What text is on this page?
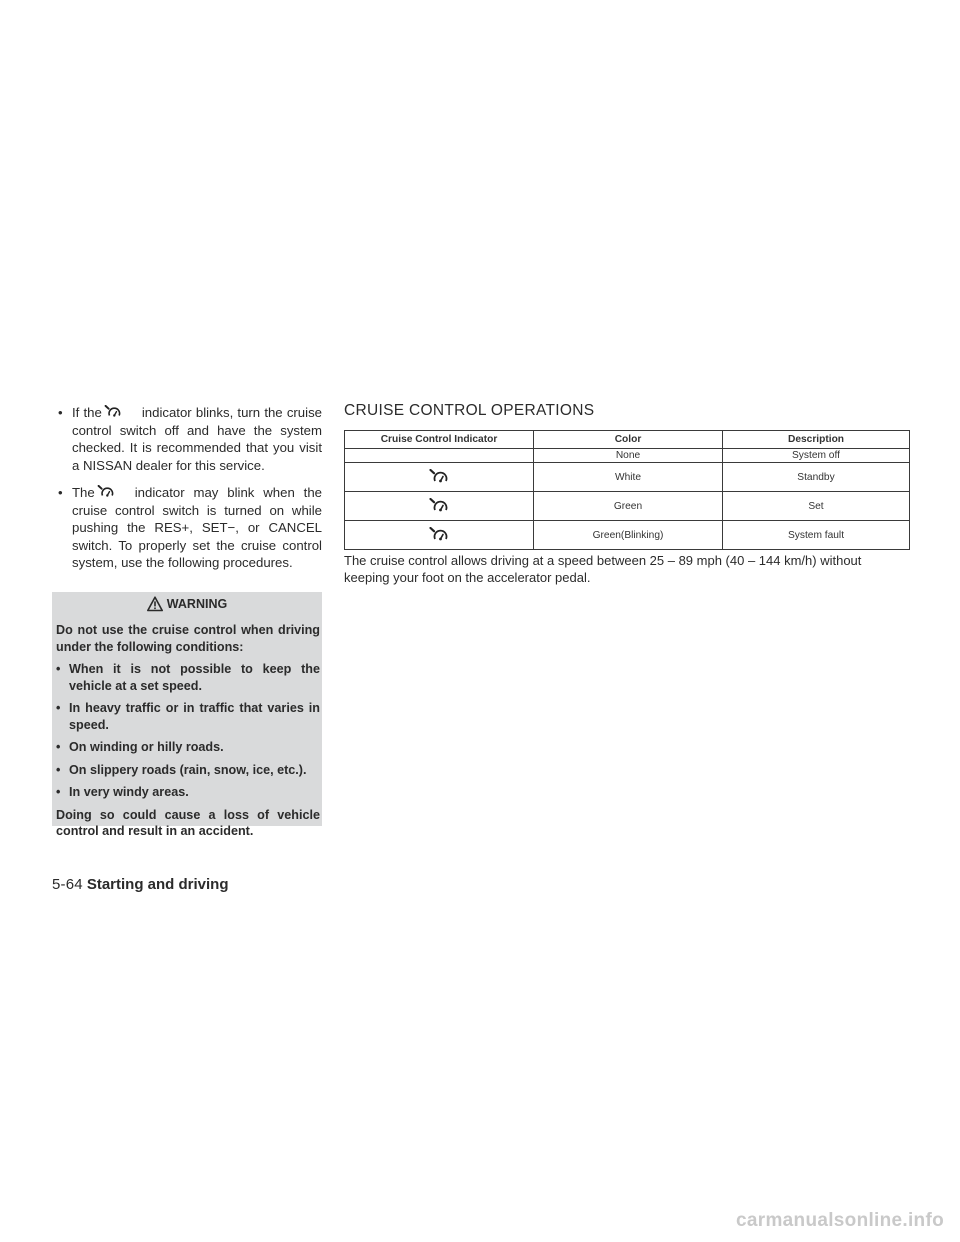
• If the	indicator blinks, turn the cruise control switch off and have the system checked. It is recommended that you visit a NISSAN dealer for this service.
• The	indicator may blink when the cruise control switch is turned on while pushing the RES+, SET−, or CANCEL switch. To properly set the cruise control system, use the following procedures.
WARNING

Do not use the cruise control when driving under the following conditions:

• When it is not possible to keep the vehicle at a set speed.
• In heavy traffic or in traffic that varies in speed.
• On winding or hilly roads.
• On slippery roads (rain, snow, ice, etc.).
• In very windy areas.

Doing so could cause a loss of vehicle control and result in an accident.

CRUISE CONTROL OPERATIONS
Cruise Control Indicator	Color	Description
	None	System off
	White	Standby
	Green	Set
	Green(Blinking)	System fault
The cruise control allows driving at a speed between 25 – 89 mph (40 – 144 km/h) without keeping your foot on the accelerator pedal.
5-64 Starting and driving
carmanualsonline.info
